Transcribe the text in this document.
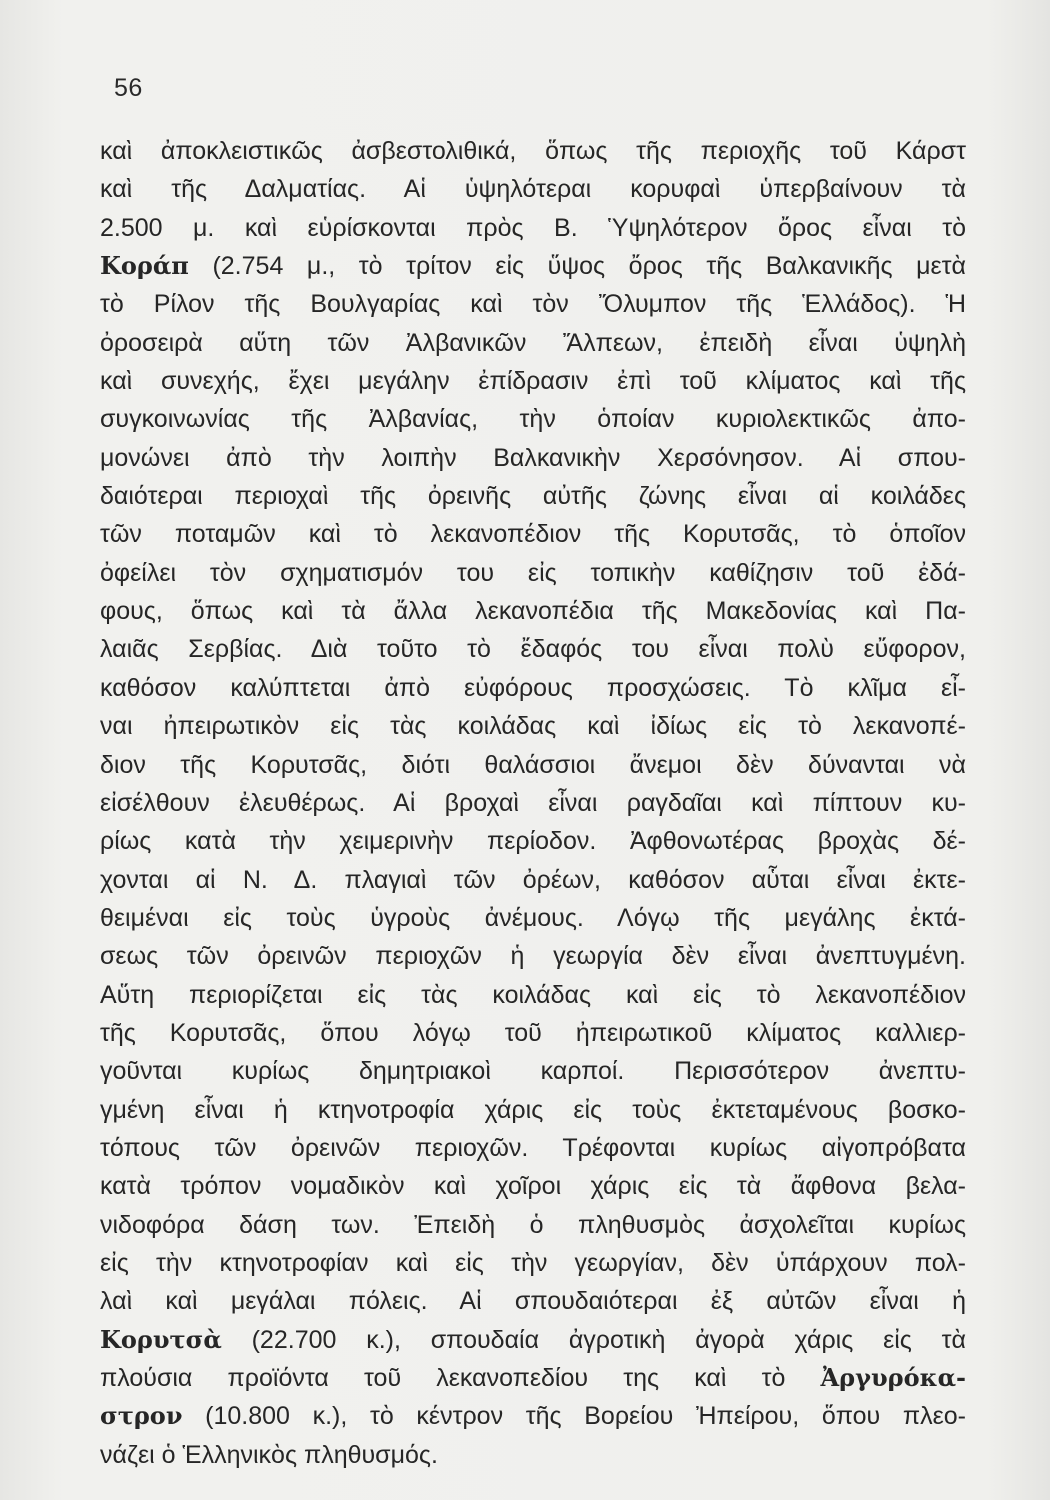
56
καὶ ἀποκλειστικῶς ἀσβεστολιθικά, ὅπως τῆς περιοχῆς τοῦ Κάρστ
καὶ τῆς Δαλματίας. Αἱ ὑψηλότεραι κορυφαὶ ὑπερβαίνουν τὰ
2.500 μ. καὶ εὑρίσκονται πρὸς Β. Ὑψηλότερον ὄρος εἶναι τὸ
Κοράπ (2.754 μ., τὸ τρίτον εἰς ὕψος ὄρος τῆς Βαλκανικῆς μετὰ
τὸ Ρίλον τῆς Βουλγαρίας καὶ τὸν Ὄλυμπον τῆς Ἑλλάδος). Ἡ
ὀροσειρὰ αὕτη τῶν Ἀλβανικῶν Ἄλπεων, ἐπειδὴ εἶναι ὑψηλὴ
καὶ συνεχής, ἔχει μεγάλην ἐπίδρασιν ἐπὶ τοῦ κλίματος καὶ τῆς
συγκοινωνίας τῆς Ἀλβανίας, τὴν ὁποίαν κυριολεκτικῶς ἀπο-
μονώνει ἀπὸ τὴν λοιπὴν Βαλκανικὴν Χερσόνησον. Αἱ σπου-
δαιότεραι περιοχαὶ τῆς ὀρεινῆς αὐτῆς ζώνης εἶναι αἱ κοιλάδες
τῶν ποταμῶν καὶ τὸ λεκανοπέδιον τῆς Κορυτσᾶς, τὸ ὁποῖον
ὀφείλει τὸν σχηματισμόν του εἰς τοπικὴν καθίζησιν τοῦ ἐδά-
φους, ὅπως καὶ τὰ ἄλλα λεκανοπέδια τῆς Μακεδονίας καὶ Πα-
λαιᾶς Σερβίας. Διὰ τοῦτο τὸ ἔδαφός του εἶναι πολὺ εὔφορον,
καθόσον καλύπτεται ἀπὸ εὐφόρους προσχώσεις. Τὸ κλῖμα εἶ-
ναι ἠπειρωτικὸν εἰς τὰς κοιλάδας καὶ ἰδίως εἰς τὸ λεκανοπέ-
διον τῆς Κορυτσᾶς, διότι θαλάσσιοι ἄνεμοι δὲν δύνανται νὰ
εἰσέλθουν ἐλευθέρως. Αἱ βροχαὶ εἶναι ραγδαῖαι καὶ πίπτουν κυ-
ρίως κατὰ τὴν χειμερινὴν περίοδον. Ἀφθονωτέρας βροχὰς δέ-
χονται αἱ Ν. Δ. πλαγιαὶ τῶν ὀρέων, καθόσον αὗται εἶναι ἐκτε-
θειμέναι εἰς τοὺς ὑγροὺς ἀνέμους. Λόγῳ τῆς μεγάλης ἐκτά-
σεως τῶν ὀρεινῶν περιοχῶν ἡ γεωργία δὲν εἶναι ἀνεπτυγμένη.
Αὕτη περιορίζεται εἰς τὰς κοιλάδας καὶ εἰς τὸ λεκανοπέδιον
τῆς Κορυτσᾶς, ὅπου λόγῳ τοῦ ἠπειρωτικοῦ κλίματος καλλιερ-
γοῦνται κυρίως δημητριακοὶ καρποί. Περισσότερον ἀνεπτυ-
γμένη εἶναι ἡ κτηνοτροφία χάρις εἰς τοὺς ἐκτεταμένους βοσκο-
τόπους τῶν ὀρεινῶν περιοχῶν. Τρέφονται κυρίως αἰγοπρόβατα
κατὰ τρόπον νομαδικὸν καὶ χοῖροι χάρις εἰς τὰ ἄφθονα βελα-
νιδοφόρα δάση των. Ἐπειδὴ ὁ πληθυσμὸς ἀσχολεῖται κυρίως
εἰς τὴν κτηνοτροφίαν καὶ εἰς τὴν γεωργίαν, δὲν ὑπάρχουν πολ-
λαὶ καὶ μεγάλαι πόλεις. Αἱ σπουδαιότεραι ἐξ αὐτῶν εἶναι ἡ
Κορυτσὰ (22.700 κ.), σπουδαία ἀγροτικὴ ἀγορὰ χάρις εἰς τὰ
πλούσια προϊόντα τοῦ λεκανοπεδίου της καὶ τὸ Ἀργυρόκα-
στρον (10.800 κ.), τὸ κέντρον τῆς Βορείου Ἠπείρου, ὅπου πλεο-
νάζει ὁ Ἑλληνικὸς πληθυσμός.
